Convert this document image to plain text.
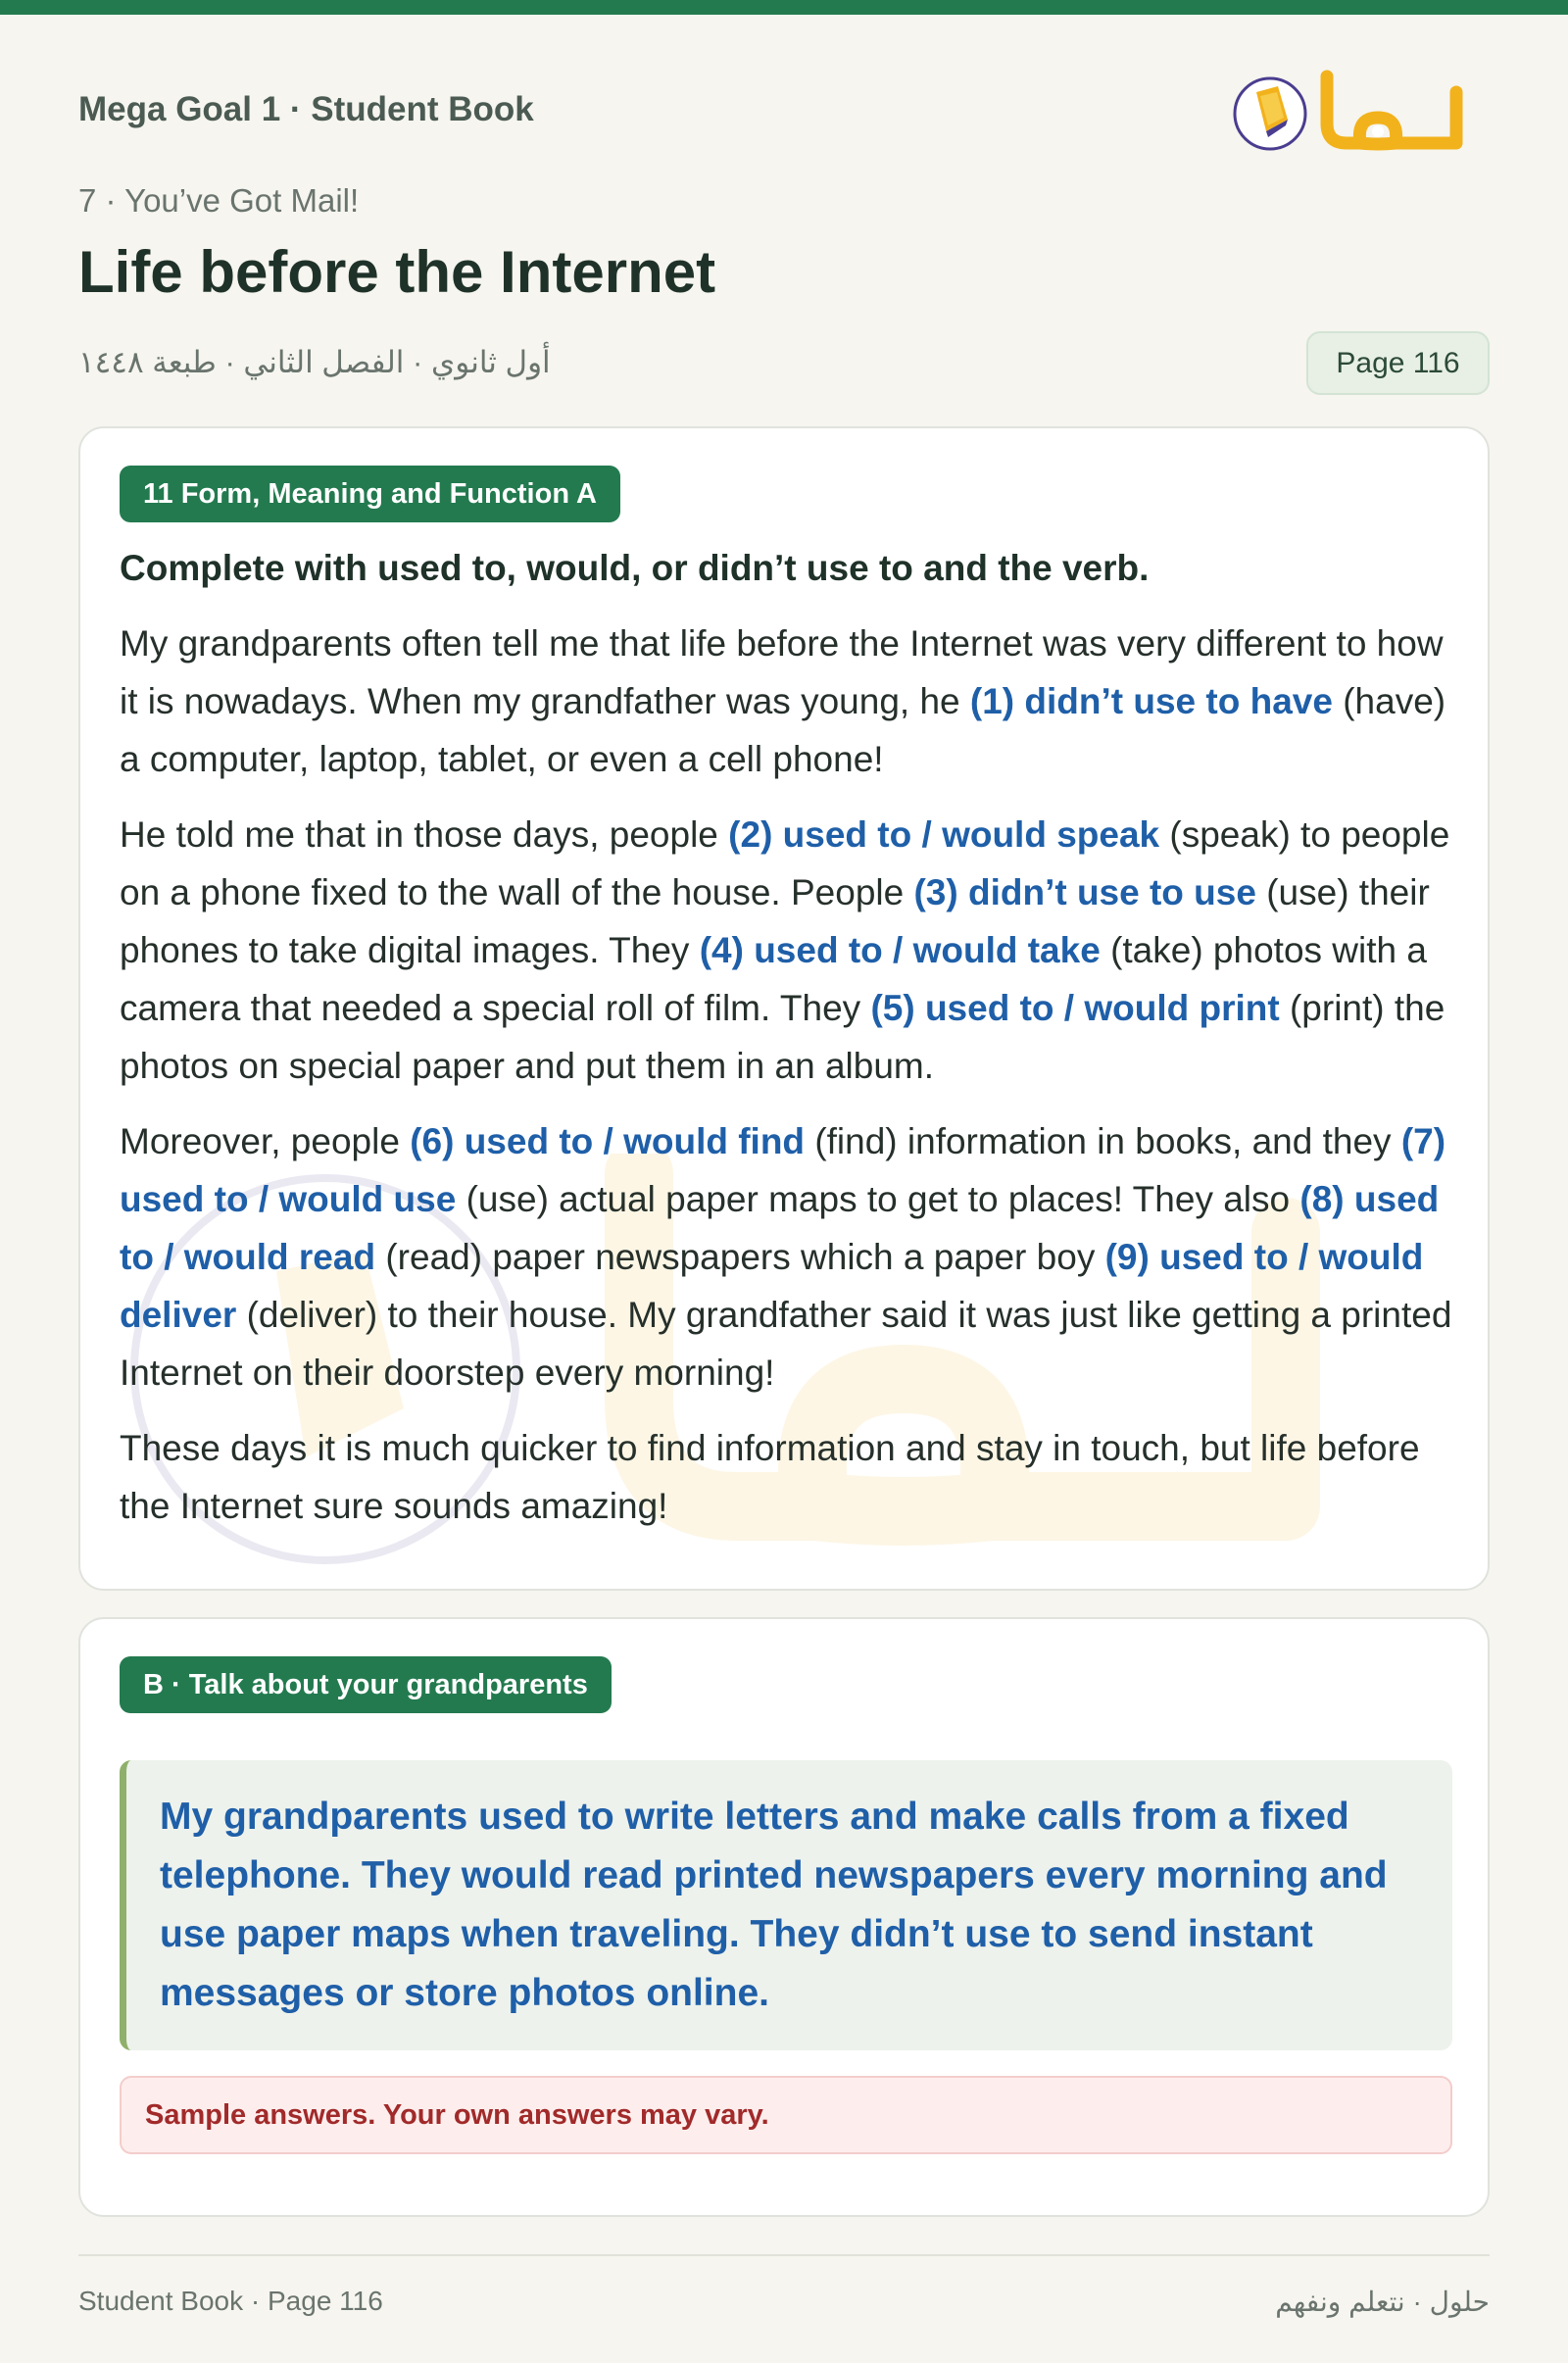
Mega Goal 1 · Student Book
7 · You’ve Got Mail!
Life before the Internet
أول ثانوي · الفصل الثاني · طبعة ١٤٤٨	Page 116
11 Form, Meaning and Function A
Complete with used to, would, or didn’t use to and the verb.

My grandparents often tell me that life before the Internet was very different to how it is nowadays. When my grandfather was young, he (1) didn’t use to have (have) a computer, laptop, tablet, or even a cell phone!

He told me that in those days, people (2) used to / would speak (speak) to people on a phone fixed to the wall of the house. People (3) didn’t use to use (use) their phones to take digital images. They (4) used to / would take (take) photos with a camera that needed a special roll of film. They (5) used to / would print (print) the photos on special paper and put them in an album.

Moreover, people (6) used to / would find (find) information in books, and they (7) used to / would use (use) actual paper maps to get to places! They also (8) used to / would read (read) paper newspapers which a paper boy (9) used to / would deliver (deliver) to their house. My grandfather said it was just like getting a printed Internet on their doorstep every morning!

These days it is much quicker to find information and stay in touch, but life before the Internet sure sounds amazing!

B · Talk about your grandparents
My grandparents used to write letters and make calls from a fixed telephone. They would read printed newspapers every morning and use paper maps when traveling. They didn’t use to send instant messages or store photos online.
Sample answers. Your own answers may vary.
Student Book · Page 116	حلول · نتعلم ونفهم
